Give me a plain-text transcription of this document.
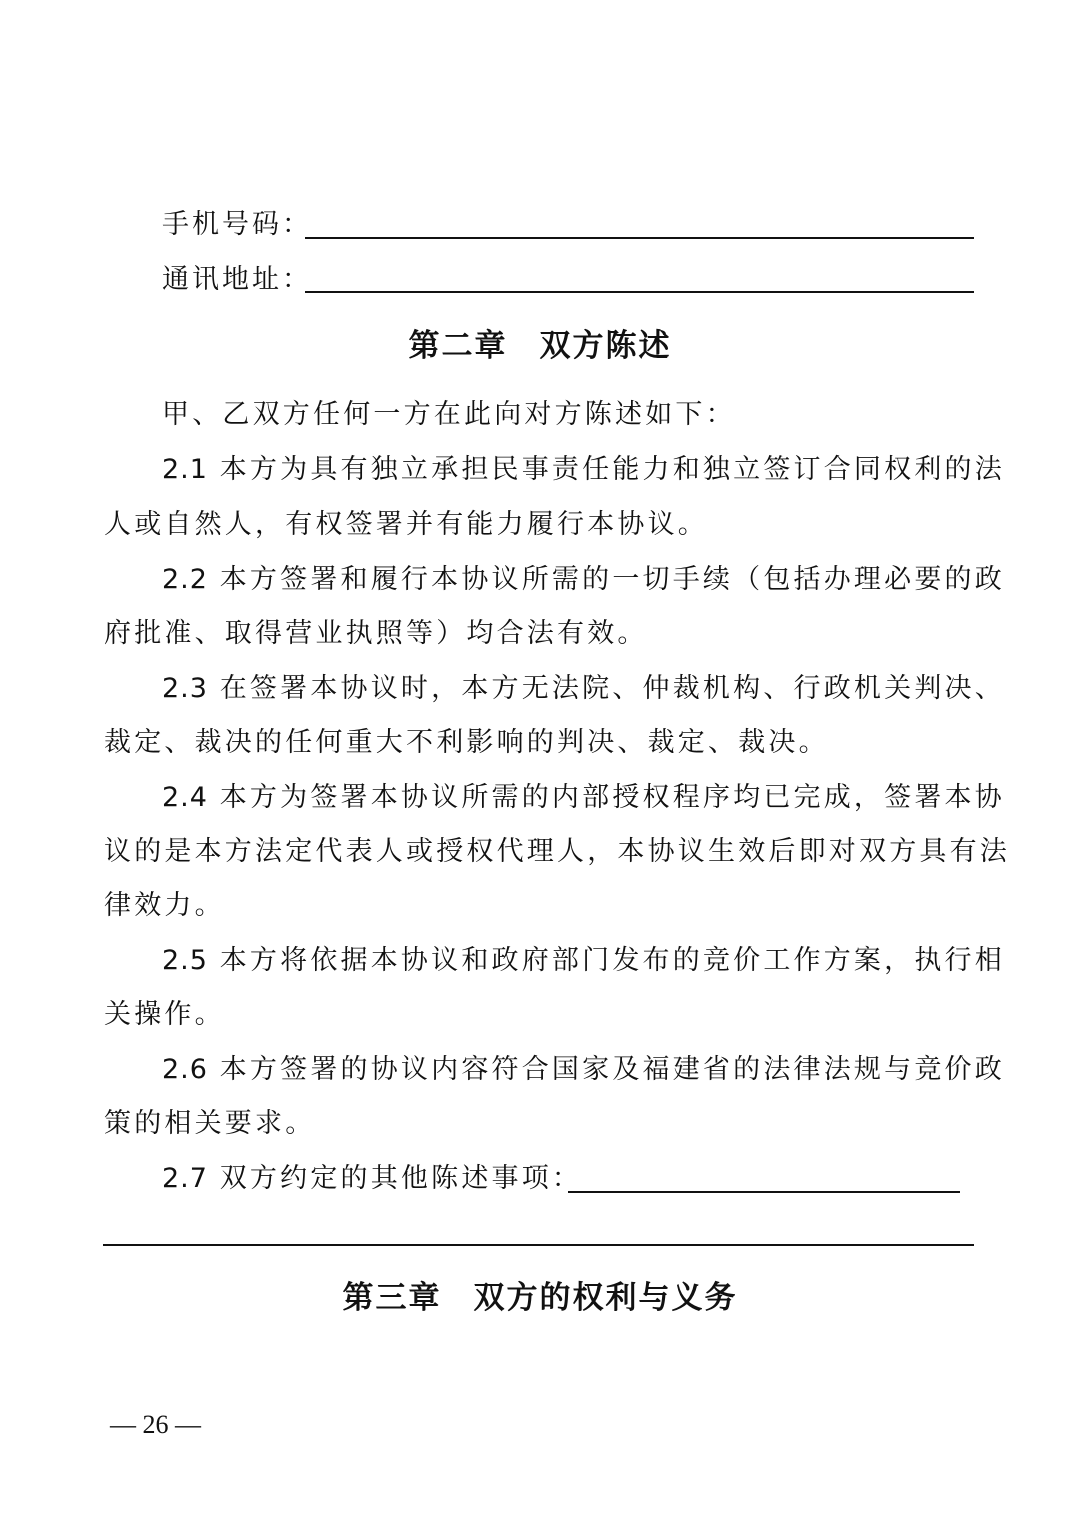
手机号码：
通讯地址：
第二章 双方陈述
甲、乙双方任何一方在此向对方陈述如下：
2.1 本方为具有独立承担民事责任能力和独立签订合同权利的法
人或自然人，有权签署并有能力履行本协议。
2.2 本方签署和履行本协议所需的一切手续（包括办理必要的政
府批准、取得营业执照等）均合法有效。
2.3 在签署本协议时，本方无法院、仲裁机构、行政机关判决、
裁定、裁决的任何重大不利影响的判决、裁定、裁决。
2.4 本方为签署本协议所需的内部授权程序均已完成，签署本协
议的是本方法定代表人或授权代理人，本协议生效后即对双方具有法
律效力。
2.5 本方将依据本协议和政府部门发布的竞价工作方案，执行相
关操作。
2.6 本方签署的协议内容符合国家及福建省的法律法规与竞价政
策的相关要求。
2.7 双方约定的其他陈述事项：
第三章 双方的权利与义务
— 26 —
